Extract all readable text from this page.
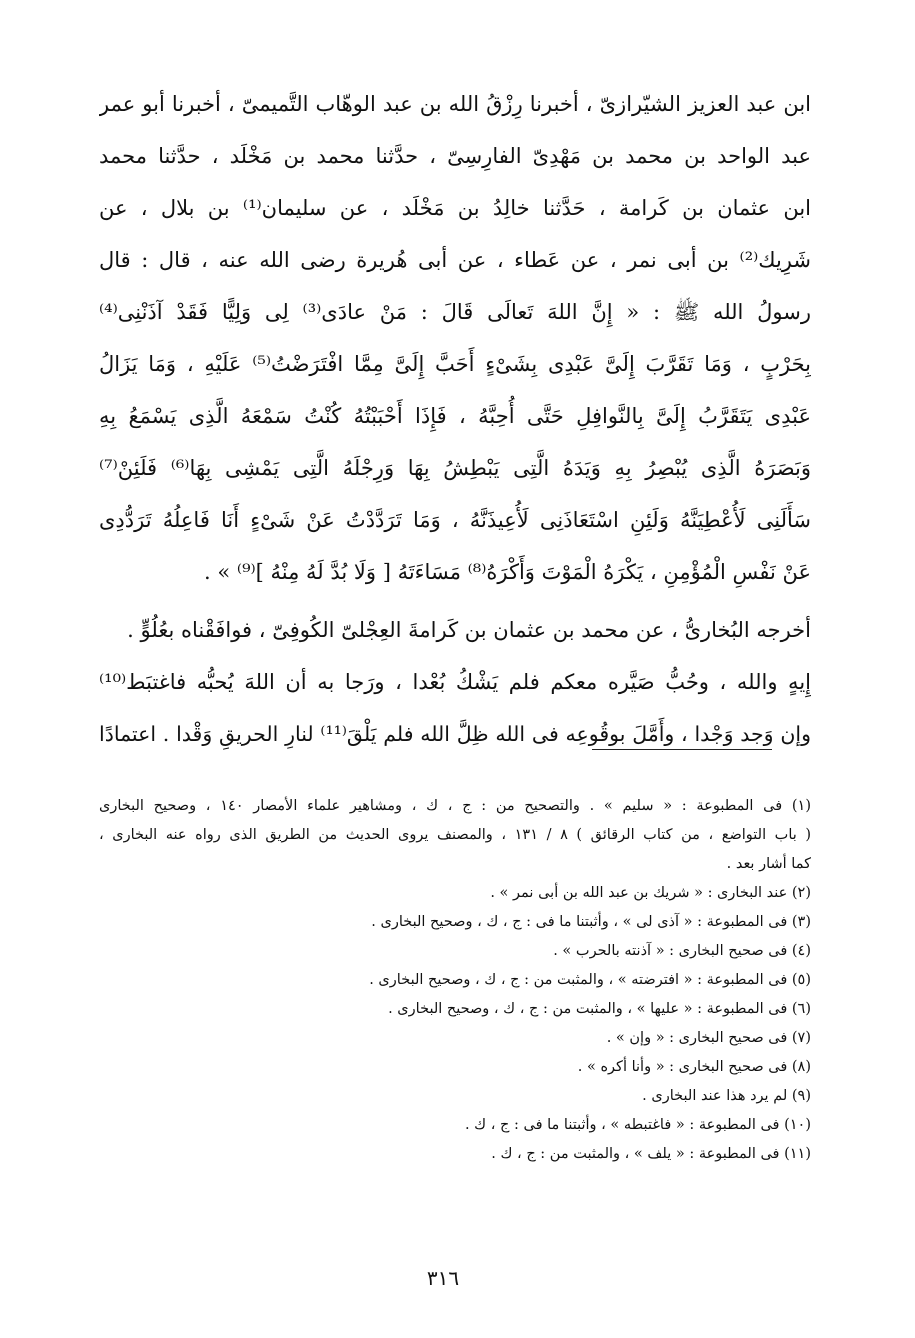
ابن عبد العزيز الشيّرازىّ ، أخبرنا رِزْقُ الله بن عبد الوهّاب التَّميمىّ ، أخبرنا أبو عمر
عبد الواحد بن محمد بن مَهْدِىّ الفارِسِىّ ، حدَّثنا محمد بن مَخْلَد ، حدَّثنا محمد
ابن عثمان بن كَرامة ، حَدَّثنا خالِدُ بن مَخْلَد ، عن سليمان⁽¹⁾ بن بلال ، عن
شَرِيك⁽²⁾ بن أبى نمر ، عن عَطاء ، عن أبى هُريرة رضى الله عنه ، قال : قال
رسولُ الله ﷺ : « إِنَّ اللهَ تَعالَى قَالَ : مَنْ عادَى⁽³⁾ لِى وَلِيًّا فَقَدْ آذَنْنِى⁽⁴⁾
بِحَرْبٍ ، وَمَا تَقَرَّبَ إِلَىَّ عَبْدِى بِشَىْءٍ أَحَبَّ إِلَىَّ مِمَّا افْتَرَضْتُ⁽⁵⁾ عَلَيْهِ ، وَمَا يَزَالُ
عَبْدِى يَتَقَرَّبُ إِلَىَّ بِالنَّوافِلِ حَتَّى أُحِبَّهُ ، فَإِذَا أَحْبَبْتُهُ كُنْتُ سَمْعَهُ الَّذِى يَسْمَعُ بِهِ
وَبَصَرَهُ الَّذِى يُبْصِرُ بِهِ وَيَدَهُ الَّتِى يَبْطِشُ بِهَا وَرِجْلَهُ الَّتِى يَمْشِى بِهَا⁽⁶⁾ فَلَئِنْ⁽⁷⁾
سَأَلَنِى لَأُعْطِيَنَّهُ وَلَئِنِ اسْتَعَاذَنِى لَأُعِيذَنَّهُ ، وَمَا تَرَدَّدْتُ عَنْ شَىْءٍ أَنَا فَاعِلُهُ تَرَدُّدِى
عَنْ نَفْسِ الْمُؤْمِنِ ، يَكْرَهُ الْمَوْتَ وَأَكْرَهُ⁽⁸⁾ مَسَاءَتَهُ [ وَلَا بُدَّ لَهُ مِنْهُ ]⁽⁹⁾ » .
أخرجه البُخارىُّ ، عن محمد بن عثمان بن كَرامةَ العِجْلىّ الكُوفِىّ ، فوافَقْناه بعُلُوٍّ .
إِيهٍ والله ، وحُبُّ صَيَّره معكم فلم يَشْكُ بُعْدا ، ورَجا به أن اللهَ يُحبُّه فاغتبَط⁽¹⁰⁾
وإن وَجد وَجْدا ، وأَمَّلَ بوقُوعِه فى الله ظِلَّ الله فلم يَلْقَ⁽¹¹⁾ لنارِ الحريقِ وَقْدا . اعتمادًا
(١) فى المطبوعة : « سليم » . والتصحيح من : ج ، ك ، ومشاهير علماء الأمصار ١٤٠ ، وصحيح البخارى
( باب التواضع ، من كتاب الرقائق ) ٨ / ١٣١ ، والمصنف يروى الحديث من الطريق الذى رواه عنه البخارى ،
كما أشار بعد .
(٢) عند البخارى : « شريك بن عبد الله بن أبى نمر » .
(٣) فى المطبوعة : « آذى لى » ، وأثبتنا ما فى : ج ، ك ، وصحيح البخارى .
(٤) فى صحيح البخارى : « آذنته بالحرب » .
(٥) فى المطبوعة : « افترضته » ، والمثبت من : ج ، ك ، وصحيح البخارى .
(٦) فى المطبوعة : « عليها » ، والمثبت من : ج ، ك ، وصحيح البخارى .
(٧) فى صحيح البخارى : « وإن » .
(٨) فى صحيح البخارى : « وأنا أكره » .
(٩) لم يرد هذا عند البخارى .
(١٠) فى المطبوعة : « فاغتبطه » ، وأثبتنا ما فى : ج ، ك .
(١١) فى المطبوعة : « يلف » ، والمثبت من : ج ، ك .
٣١٦
